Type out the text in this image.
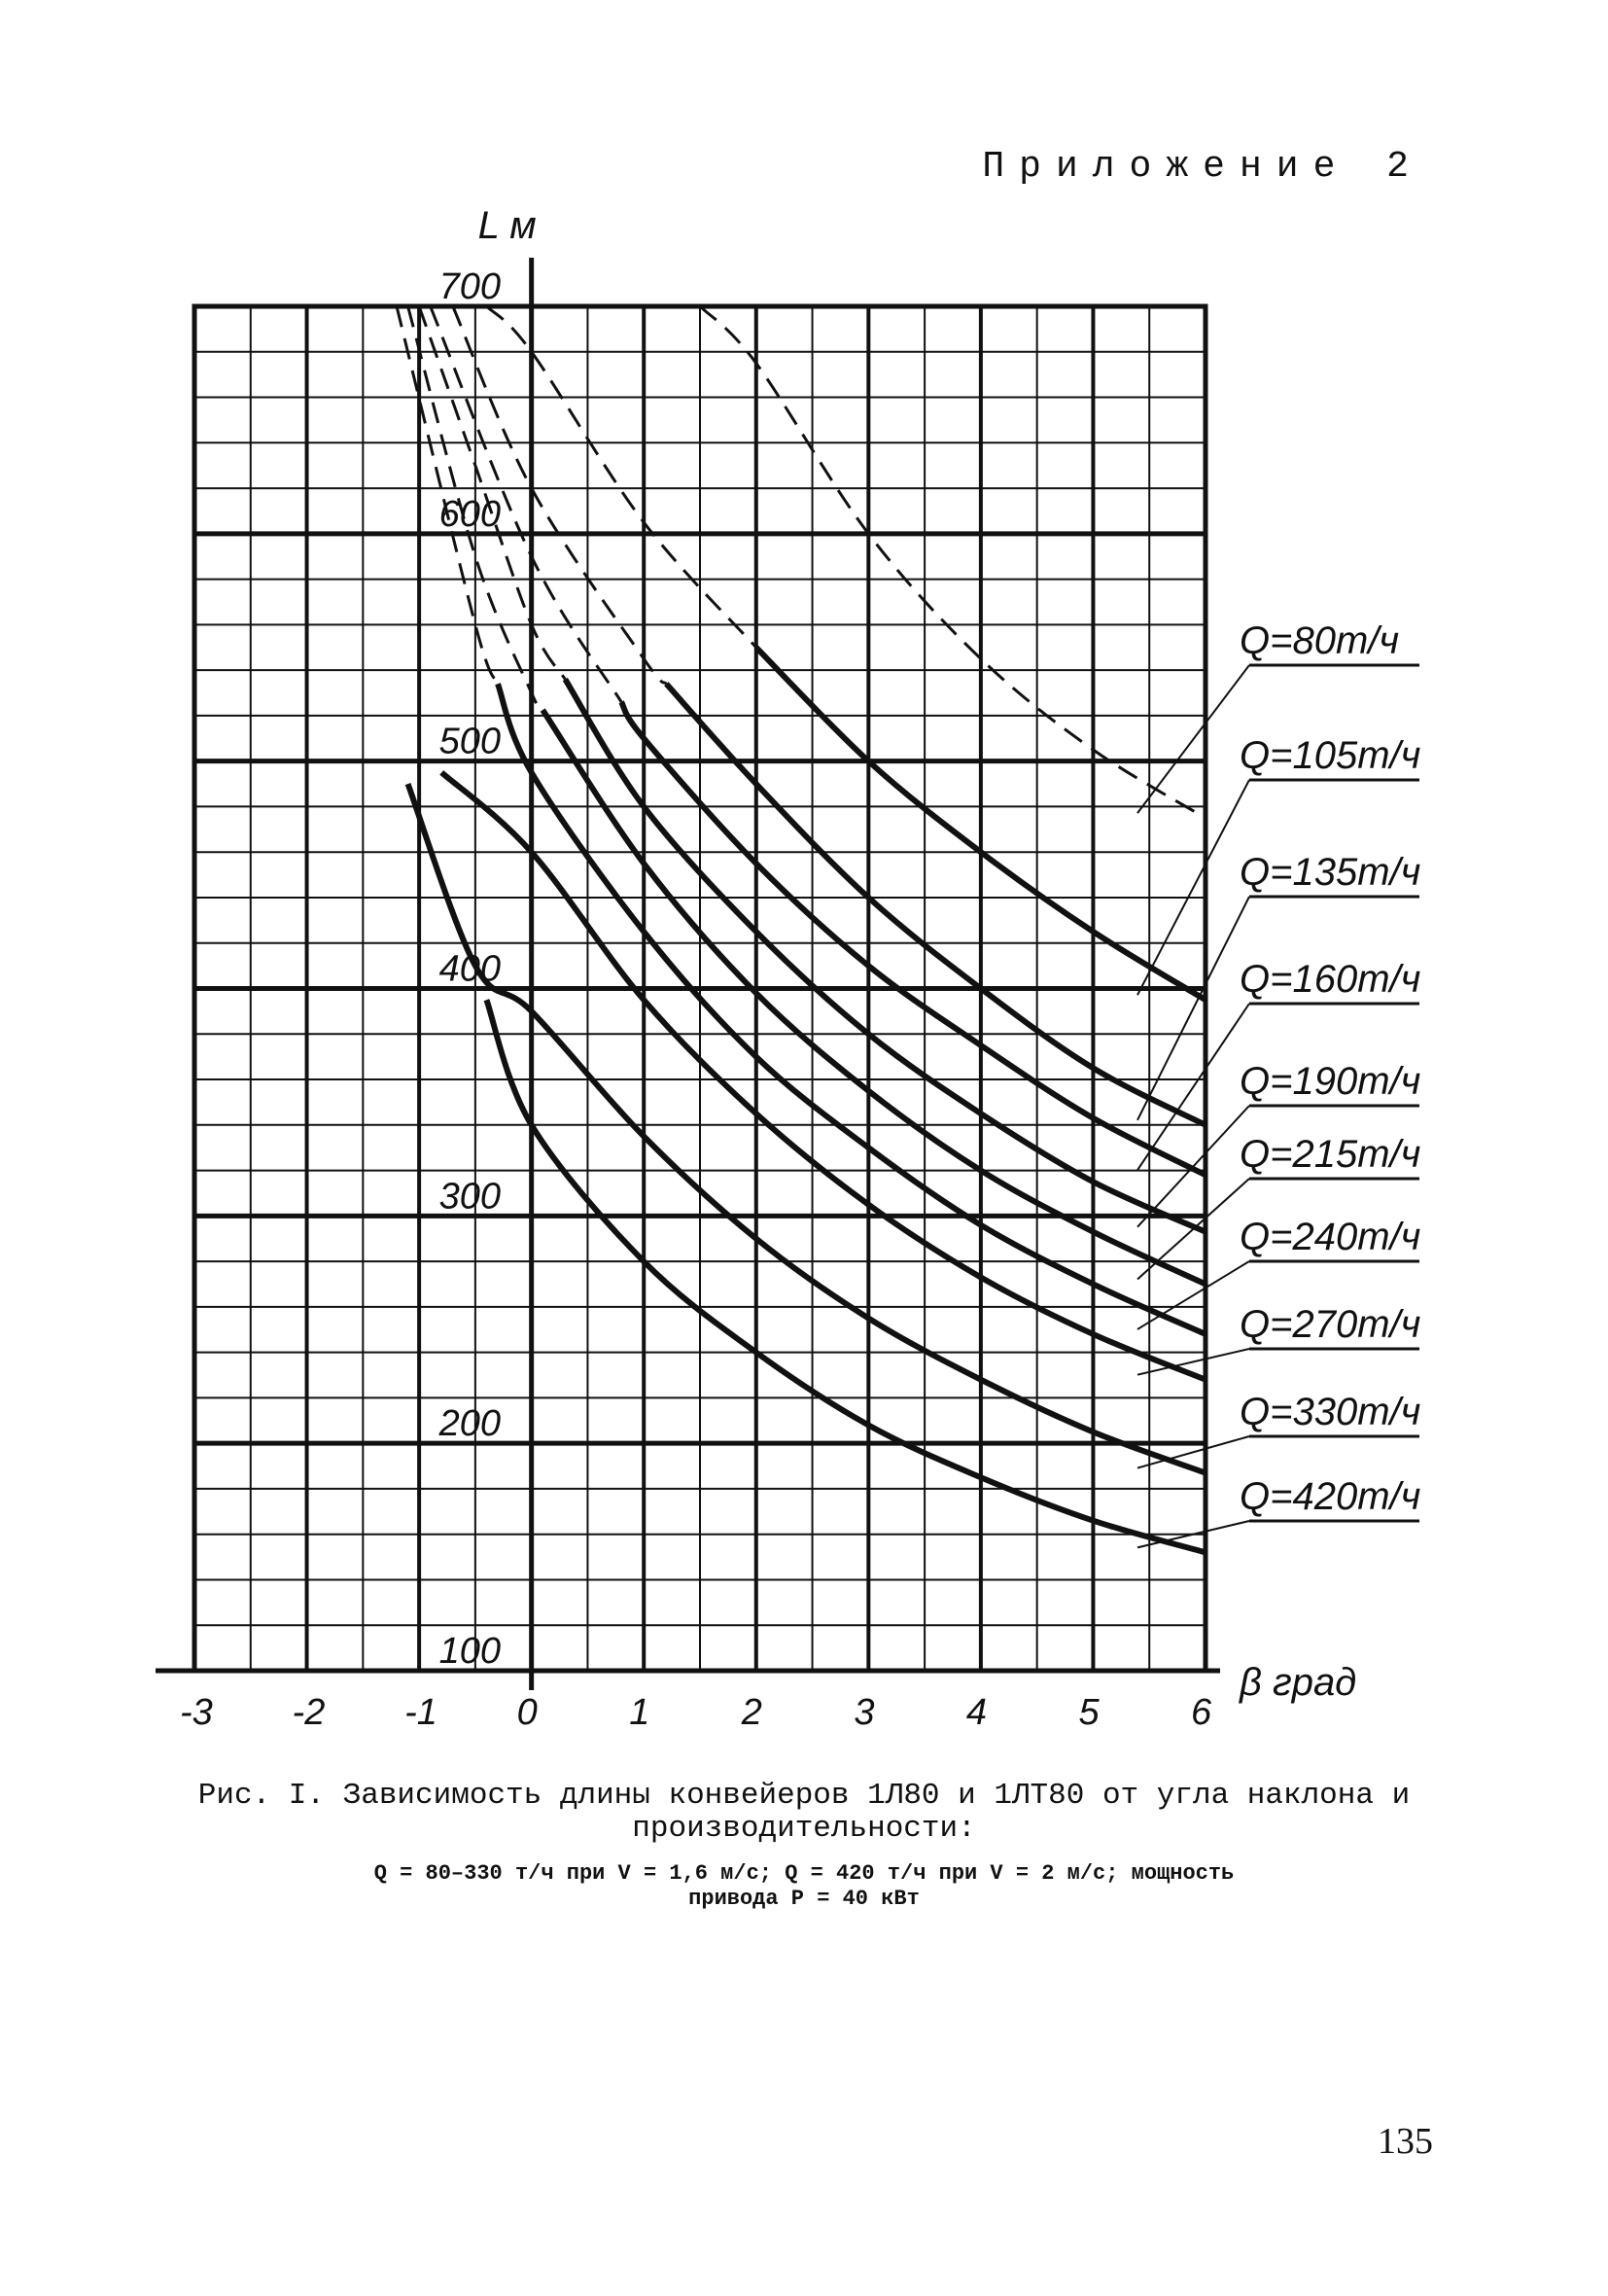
Приложение 2
L м
β град
-3 -2 -1 0 1 2 3 4 5 6
100
200
300
400
500
600
700
Q=80т/ч
Q=105т/ч
Q=135т/ч
Q=160т/ч
Q=190т/ч
Q=215т/ч
Q=240т/ч
Q=270т/ч
Q=330т/ч
Q=420т/ч
Рис. I. Зависимость длины конвейеров 1Л80 и 1ЛТ80 от угла наклона и
производительности:
Q = 80–330 т/ч при V = 1,6 м/с; Q = 420 т/ч при V = 2 м/с; мощность
привода P = 40 кВт
135
